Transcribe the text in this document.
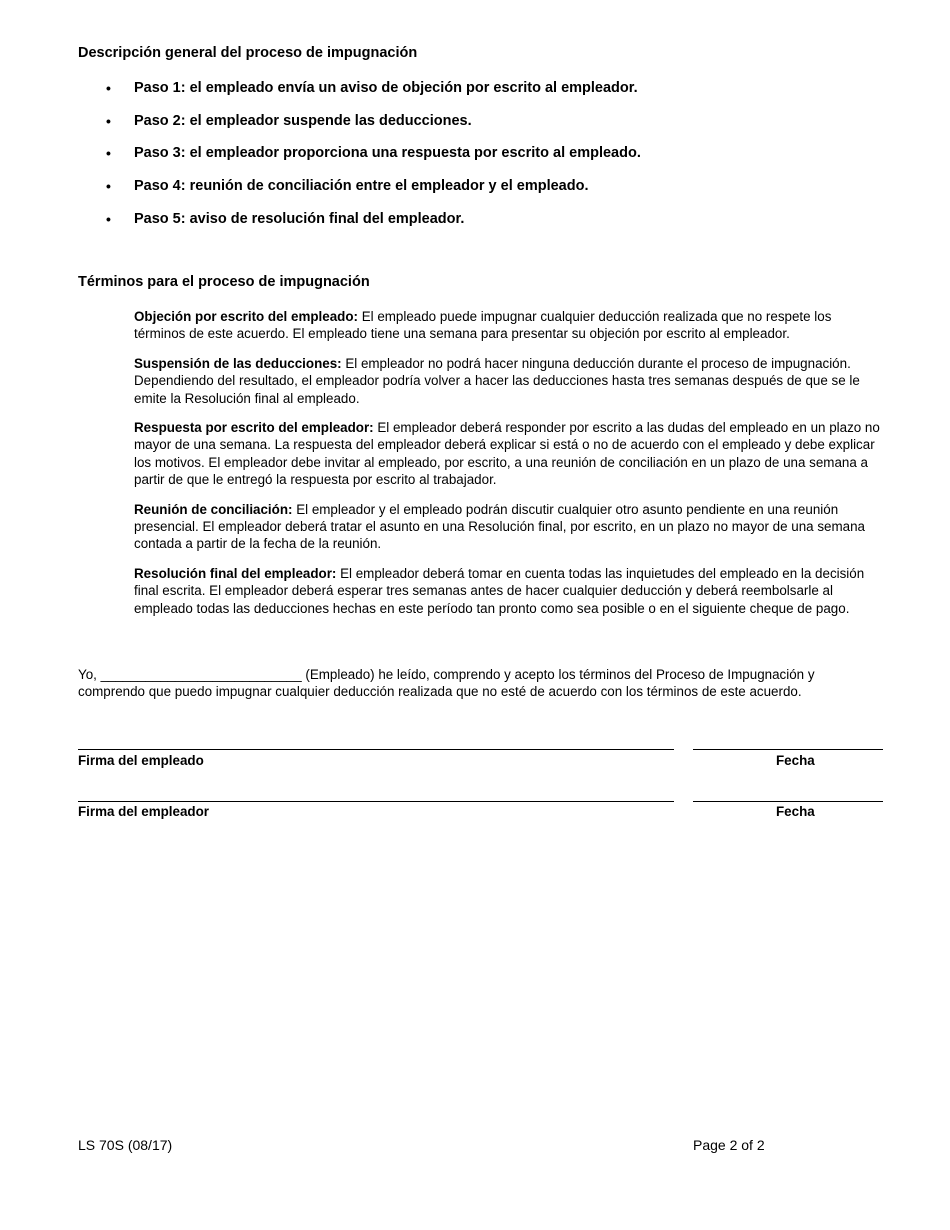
Descripción general del proceso de impugnación
• Paso 1: el empleado envía un aviso de objeción por escrito al empleador.
• Paso 2: el empleador suspende las deducciones.
• Paso 3: el empleador proporciona una respuesta por escrito al empleado.
• Paso 4: reunión de conciliación entre el empleador y el empleado.
• Paso 5: aviso de resolución final del empleador.
Términos para el proceso de impugnación

Objeción por escrito del empleado: El empleado puede impugnar cualquier deducción realizada que no respete los términos de este acuerdo. El empleado tiene una semana para presentar su objeción por escrito al empleador.

Suspensión de las deducciones: El empleador no podrá hacer ninguna deducción durante el proceso de impugnación. Dependiendo del resultado, el empleador podría volver a hacer las deducciones hasta tres semanas después de que se le emite la Resolución final al empleado.

Respuesta por escrito del empleador: El empleador deberá responder por escrito a las dudas del empleado en un plazo no mayor de una semana. La respuesta del empleador deberá explicar si está o no de acuerdo con el empleado y debe explicar los motivos. El empleador debe invitar al empleado, por escrito, a una reunión de conciliación en un plazo de una semana a partir de que le entregó la respuesta por escrito al trabajador.

Reunión de conciliación: El empleador y el empleado podrán discutir cualquier otro asunto pendiente en una reunión presencial. El empleador deberá tratar el asunto en una Resolución final, por escrito, en un plazo no mayor de una semana contada a partir de la fecha de la reunión.

Resolución final del empleador: El empleador deberá tomar en cuenta todas las inquietudes del empleado en la decisión final escrita. El empleador deberá esperar tres semanas antes de hacer cualquier deducción y deberá reembolsarle al empleado todas las deducciones hechas en este período tan pronto como sea posible o en el siguiente cheque de pago.

Yo, ___________________________ (Empleado) he leído, comprendo y acepto los términos del Proceso de Impugnación y comprendo que puedo impugnar cualquier deducción realizada que no esté de acuerdo con los términos de este acuerdo.

Firma del empleado	Fecha
Firma del empleador	Fecha
LS 70S (08/17)	Page 2 of 2
